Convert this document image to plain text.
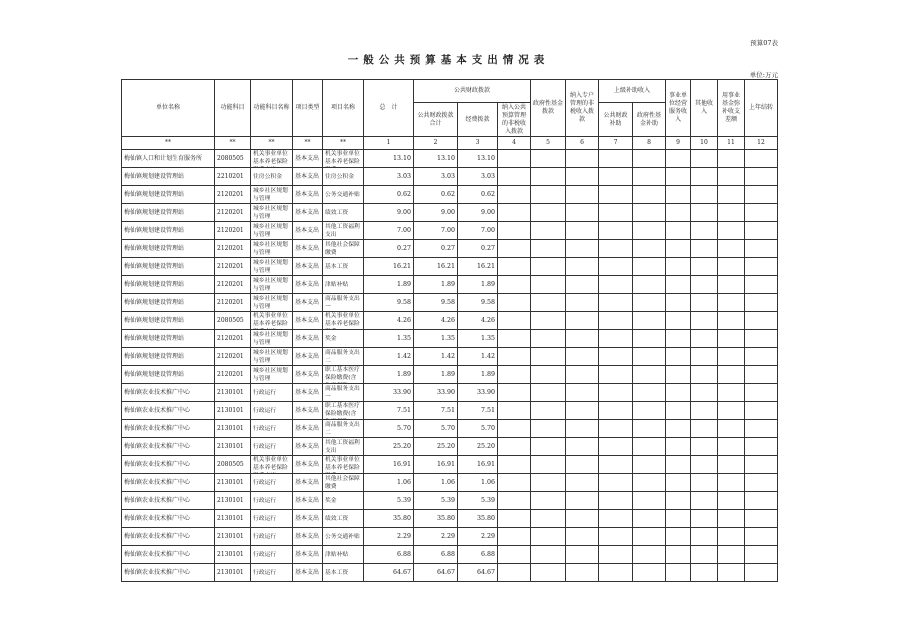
预算07表
一般公共预算基本支出情况表
单位:万元
单位名称	功能科目	功能科目名称	项目类型	项目名称	总　计	公共财政拨款			政府性基金拨款	纳入专户管理的非税收入拨款	上级补助收入		事业单位经营服务收入	其他收入	用事业基金弥补收支差额	上年结转
						公共财政拨款合计	经费拨款	纳入公共预算管理的非税收入拨款			公共财政补助	政府性基金补助				
**	**	**	**	**	1	2	3	4	5	6	7	8	9	10	11	12
梅仙镇人口和计划生育服务所	2080505	机关事业单位基本养老保险	基本支出	机关事业单位基本养老保险	13.10	13.10	13.10									
梅仙镇规划建设管理站	2210201	住房公积金	基本支出	住房公积金	3.03	3.03	3.03									
梅仙镇规划建设管理站	2120201	城乡社区规划与管理	基本支出	公务交通补贴	0.62	0.62	0.62									
梅仙镇规划建设管理站	2120201	城乡社区规划与管理	基本支出	绩效工资	9.00	9.00	9.00									
梅仙镇规划建设管理站	2120201	城乡社区规划与管理	基本支出	其他工资福利支出	7.00	7.00	7.00									
梅仙镇规划建设管理站	2120201	城乡社区规划与管理	基本支出	其他社会保障缴费	0.27	0.27	0.27									
梅仙镇规划建设管理站	2120201	城乡社区规划与管理	基本支出	基本工资	16.21	16.21	16.21									
梅仙镇规划建设管理站	2120201	城乡社区规划与管理	基本支出	津贴补贴	1.89	1.89	1.89									
梅仙镇规划建设管理站	2120201	城乡社区规划与管理	基本支出	商品服务支出一	9.58	9.58	9.58									
梅仙镇规划建设管理站	2080505	机关事业单位基本养老保险	基本支出	机关事业单位基本养老保险	4.26	4.26	4.26									
梅仙镇规划建设管理站	2120201	城乡社区规划与管理	基本支出	奖金	1.35	1.35	1.35									
梅仙镇规划建设管理站	2120201	城乡社区规划与管理	基本支出	商品服务支出二	1.42	1.42	1.42									
梅仙镇规划建设管理站	2120201	城乡社区规划与管理	基本支出	职工基本医疗保险缴费(含	1.89	1.89	1.89									
梅仙镇农业技术推广中心	2130101	行政运行	基本支出	商品服务支出一	33.90	33.90	33.90									
梅仙镇农业技术推广中心	2130101	行政运行	基本支出	职工基本医疗保险缴费(含	7.51	7.51	7.51									
梅仙镇农业技术推广中心	2130101	行政运行	基本支出	商品服务支出二	5.70	5.70	5.70									
梅仙镇农业技术推广中心	2130101	行政运行	基本支出	其他工资福利支出	25.20	25.20	25.20									
梅仙镇农业技术推广中心	2080505	机关事业单位基本养老保险	基本支出	机关事业单位基本养老保险	16.91	16.91	16.91									
梅仙镇农业技术推广中心	2130101	行政运行	基本支出	其他社会保障缴费	1.06	1.06	1.06									
梅仙镇农业技术推广中心	2130101	行政运行	基本支出	奖金	5.39	5.39	5.39									
梅仙镇农业技术推广中心	2130101	行政运行	基本支出	绩效工资	35.80	35.80	35.80									
梅仙镇农业技术推广中心	2130101	行政运行	基本支出	公务交通补贴	2.29	2.29	2.29									
梅仙镇农业技术推广中心	2130101	行政运行	基本支出	津贴补贴	6.88	6.88	6.88									
梅仙镇农业技术推广中心	2130101	行政运行	基本支出	基本工资	64.67	64.67	64.67									
